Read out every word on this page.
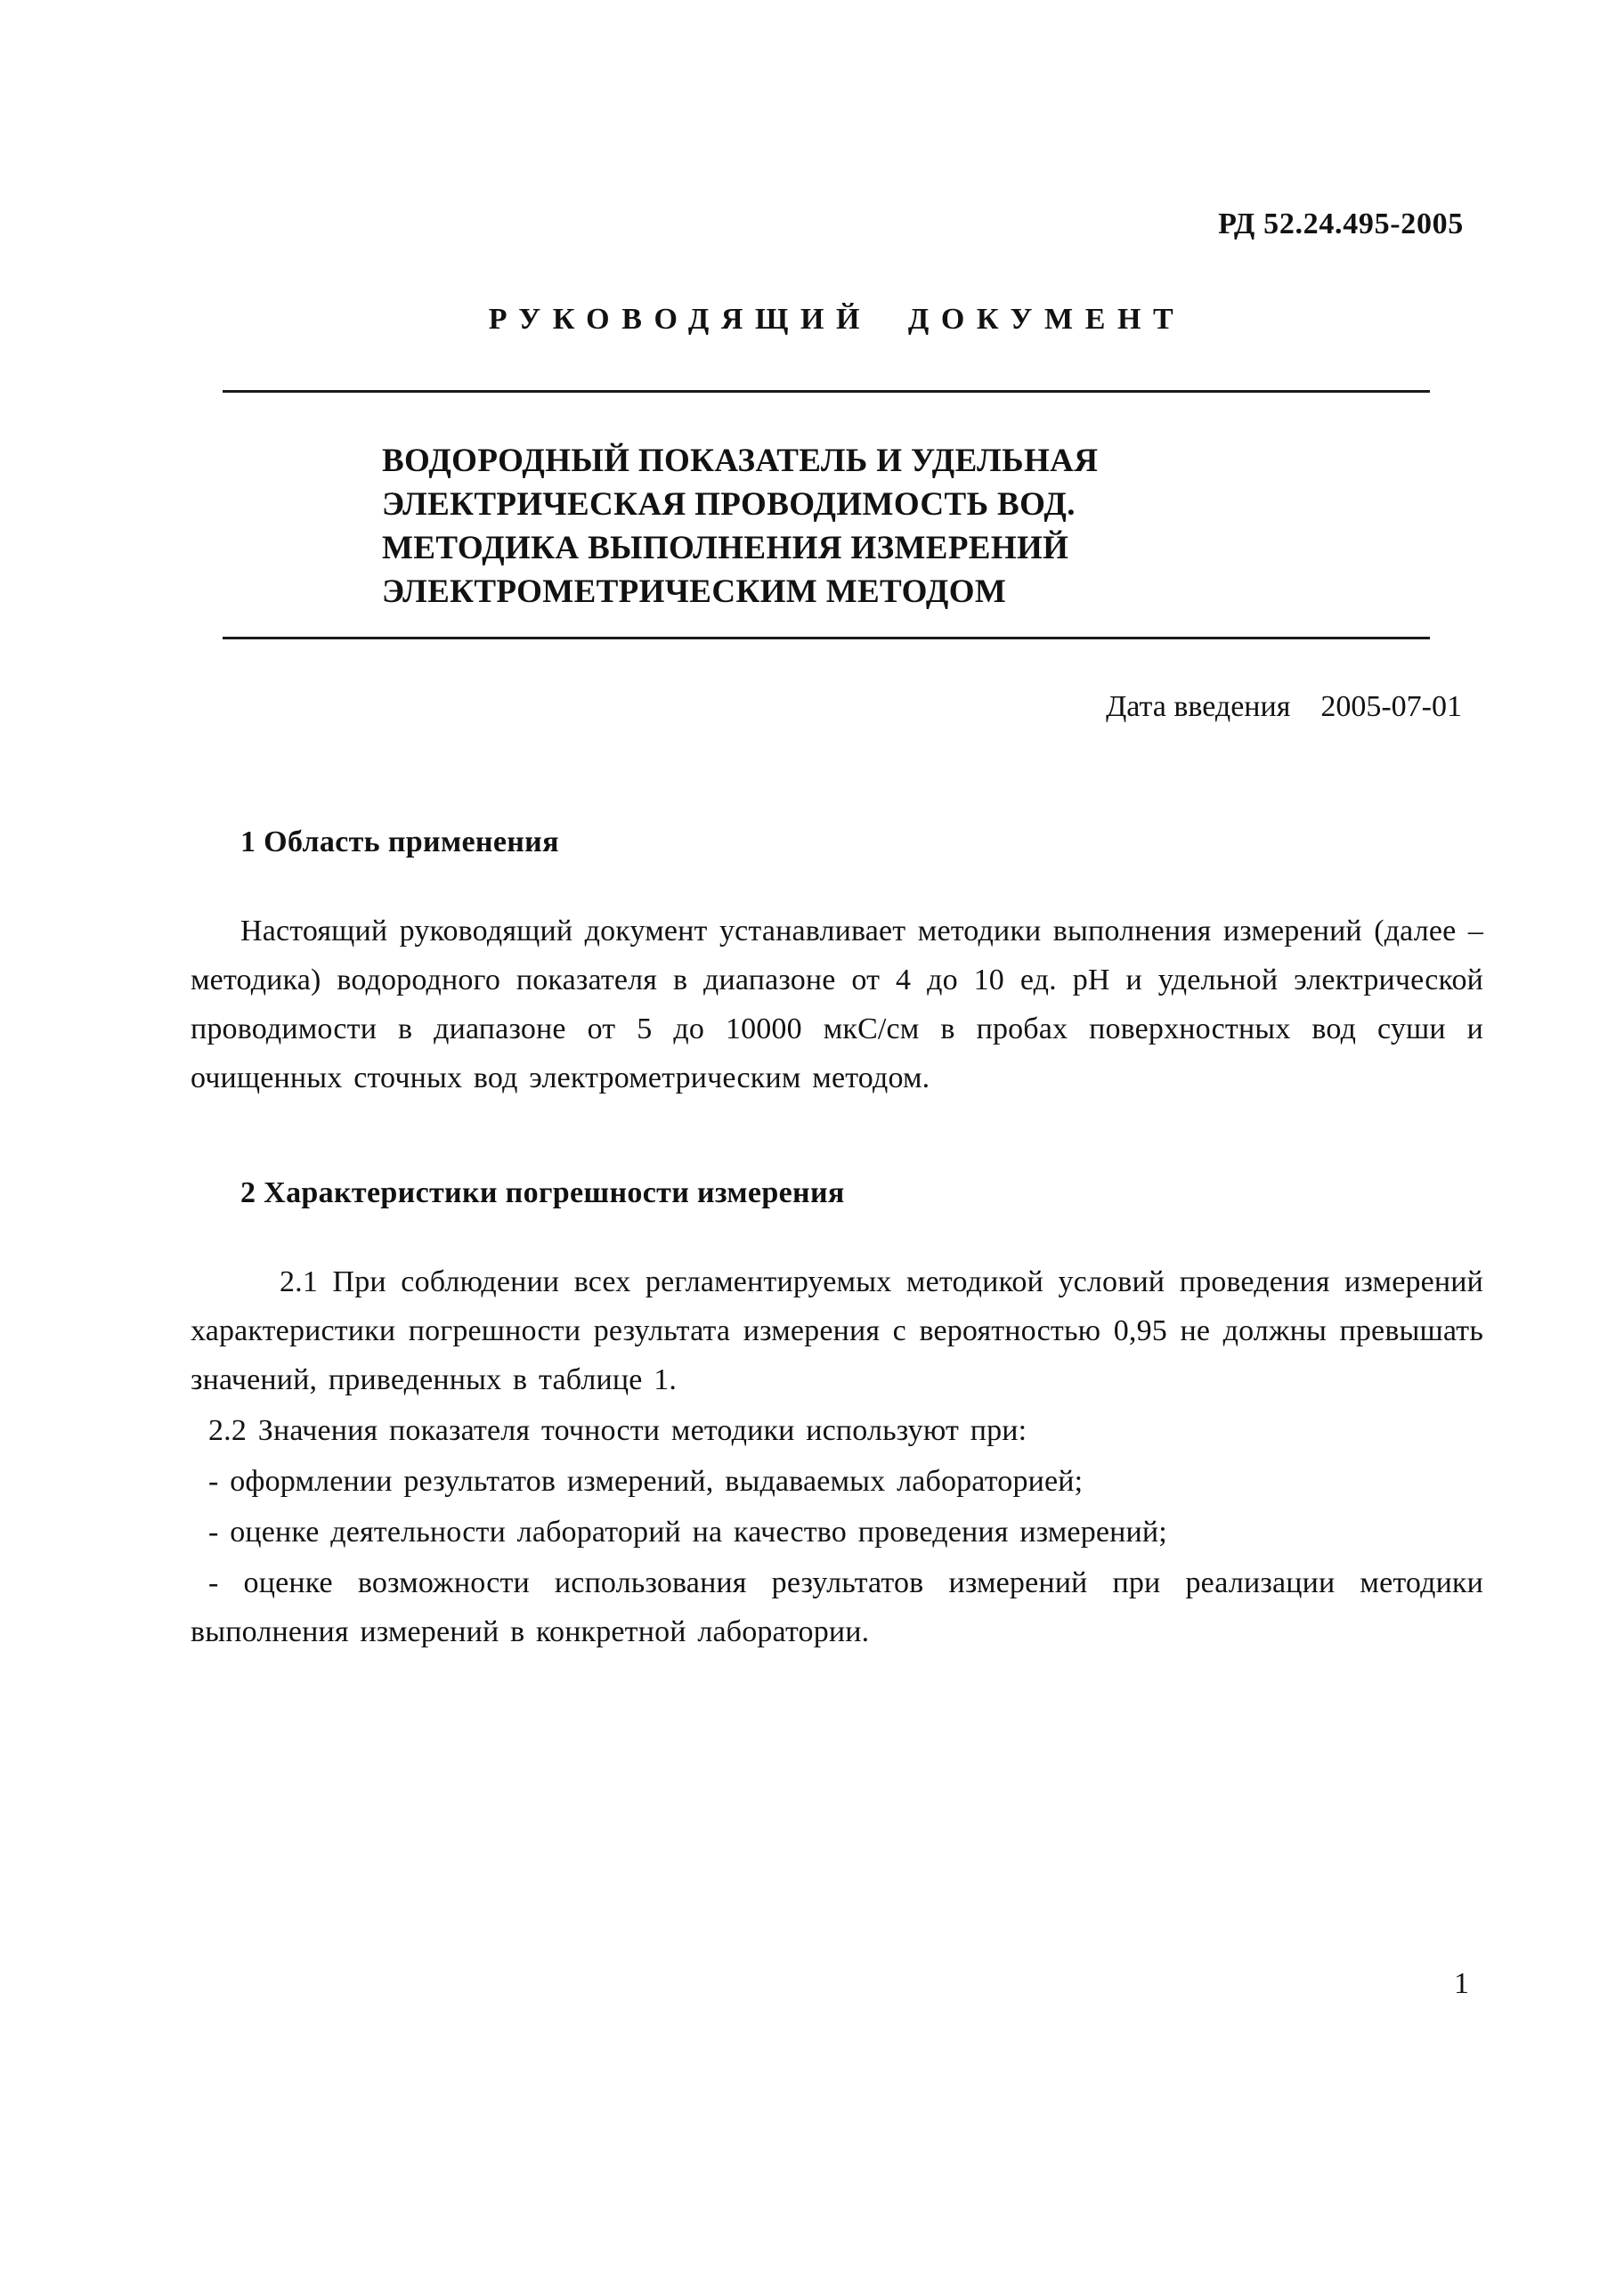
РД 52.24.495-2005
РУКОВОДЯЩИЙ ДОКУМЕНТ
ВОДОРОДНЫЙ ПОКАЗАТЕЛЬ И УДЕЛЬНАЯ
ЭЛЕКТРИЧЕСКАЯ ПРОВОДИМОСТЬ ВОД.
МЕТОДИКА ВЫПОЛНЕНИЯ ИЗМЕРЕНИЙ
ЭЛЕКТРОМЕТРИЧЕСКИМ МЕТОДОМ
Дата введения 2005-07-01
1 Область применения

Настоящий руководящий документ устанавливает методики выполнения измерений (далее – методика) водородного показателя в диапазоне от 4 до 10 ед. рН и удельной электрической проводимости в диапазоне от 5 до 10000 мкС/см в пробах поверхностных вод суши и очищенных сточных вод электрометрическим методом.

2 Характеристики погрешности измерения

2.1 При соблюдении всех регламентируемых методикой условий проведения измерений характеристики погрешности результата измерения с вероятностью 0,95 не должны превышать значений, приведенных в таблице 1.

2.2 Значения показателя точности методики используют при:

- оформлении результатов измерений, выдаваемых лабораторией;

- оценке деятельности лабораторий на качество проведения измерений;

- оценке возможности использования результатов измерений при реализации методики выполнения измерений в конкретной лаборатории.

1
